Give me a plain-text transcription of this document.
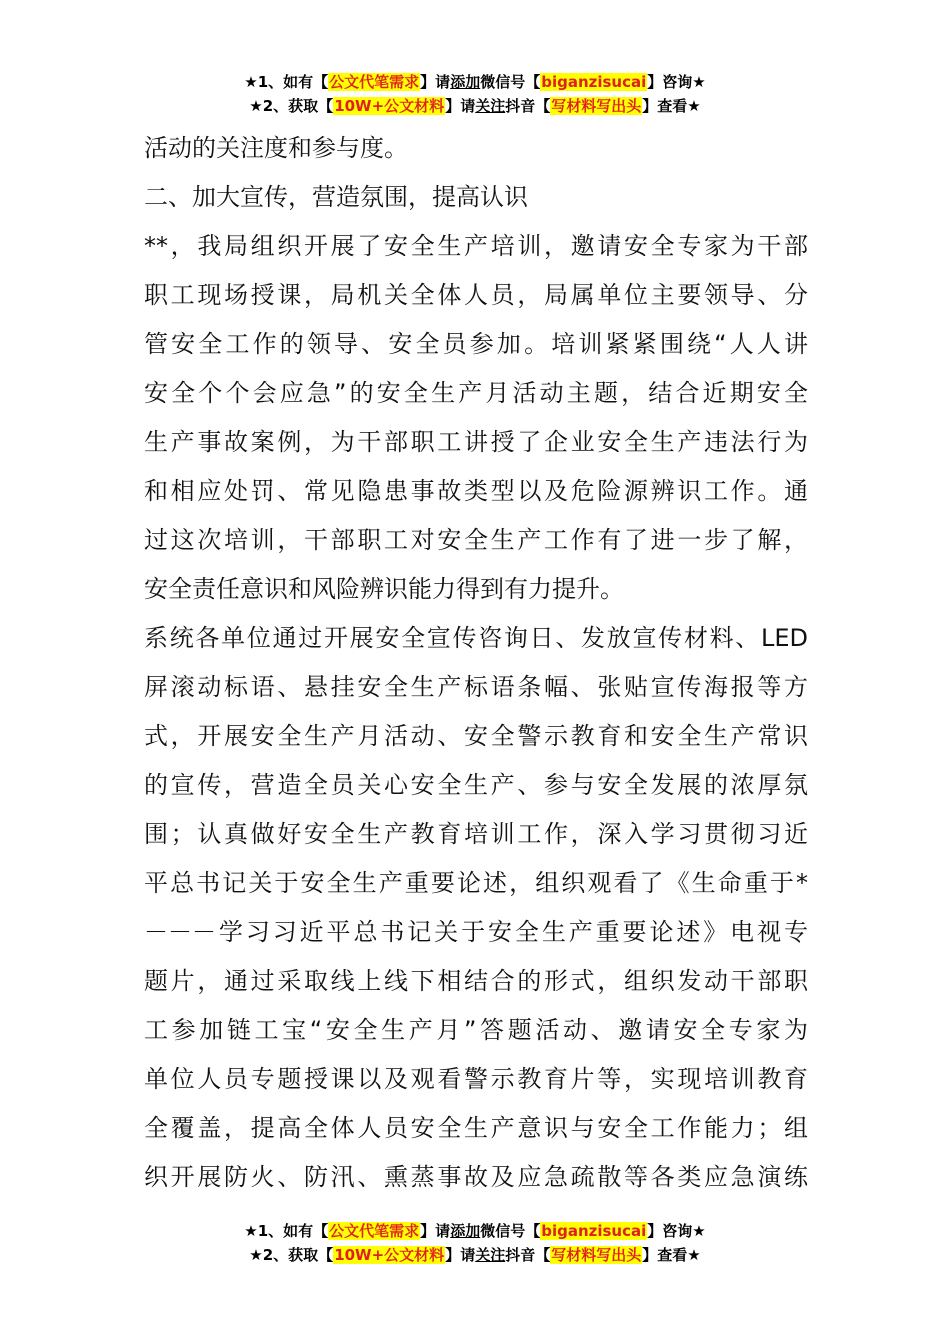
★1、如有【公文代笔需求】请添加微信号【biganzisucai】咨询★
★2、获取【10W+公文材料】请关注抖音【写材料写出头】查看★
活动的关注度和参与度。
二、加大宣传，营造氛围，提高认识
**，我局组织开展了安全生产培训，邀请安全专家为干部
职工现场授课，局机关全体人员，局属单位主要领导、分
管安全工作的领导、安全员参加。培训紧紧围绕“人人讲
安全个个会应急”的安全生产月活动主题，结合近期安全
生产事故案例，为干部职工讲授了企业安全生产违法行为
和相应处罚、常见隐患事故类型以及危险源辨识工作。通
过这次培训，干部职工对安全生产工作有了进一步了解，
安全责任意识和风险辨识能力得到有力提升。
系统各单位通过开展安全宣传咨询日、发放宣传材料、LED
屏滚动标语、悬挂安全生产标语条幅、张贴宣传海报等方
式，开展安全生产月活动、安全警示教育和安全生产常识
的宣传，营造全员关心安全生产、参与安全发展的浓厚氛
围；认真做好安全生产教育培训工作，深入学习贯彻习近
平总书记关于安全生产重要论述，组织观看了《生命重于*
－－－学习习近平总书记关于安全生产重要论述》电视专
题片，通过采取线上线下相结合的形式，组织发动干部职
工参加链工宝“安全生产月”答题活动、邀请安全专家为
单位人员专题授课以及观看警示教育片等，实现培训教育
全覆盖，提高全体人员安全生产意识与安全工作能力；组
织开展防火、防汛、熏蒸事故及应急疏散等各类应急演练
★1、如有【公文代笔需求】请添加微信号【biganzisucai】咨询★
★2、获取【10W+公文材料】请关注抖音【写材料写出头】查看★
